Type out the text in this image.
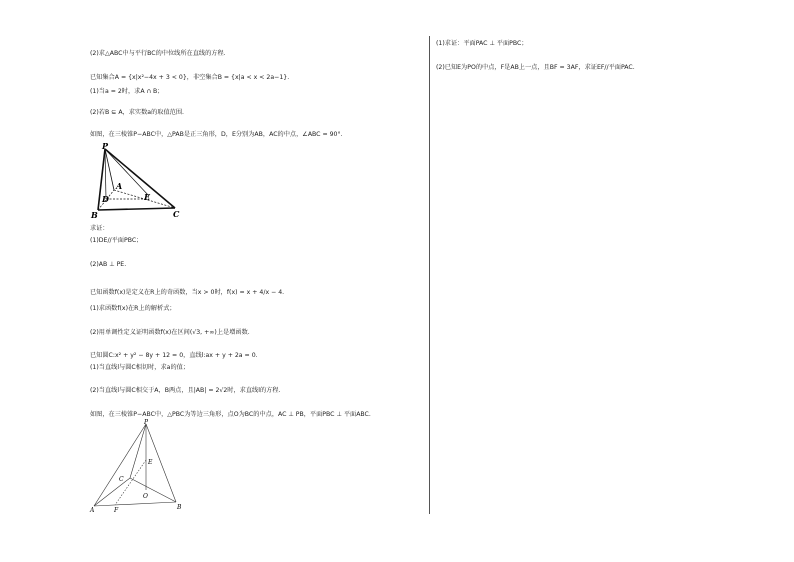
(2)求△ABC中与平行BC的中位线所在直线的方程.
已知集合A = {x|x²−4x + 3 < 0}，非空集合B = {x|a < x < 2a−1}.
(1)当a = 2时，求A ∩ B；
(2)若B ⊆ A，求实数a的取值范围.
如图，在三棱锥P−ABC中，△PAB是正三角形，D，E分别为AB，AC的中点，∠ABC = 90°.
P
A
D	E
B	C
求证：
(1)DE//平面PBC；
(2)AB ⊥ PE.
已知函数f(x)是定义在R上的奇函数，当x > 0时，f(x) = x + 4/x − 4.
(1)求函数f(x)在R上的解析式；
(2)用单调性定义证明函数f(x)在区间(√3, +∞)上是增函数.
已知圆C:x² + y² − 8y + 12 = 0，直线l:ax + y + 2a = 0.
(1)当直线l与圆C相切时，求a的值；
(2)当直线l与圆C相交于A，B两点，且|AB| = 2√2时，求直线l的方程.
如图，在三棱锥P−ABC中，△PBC为等边三角形，点O为BC的中点，AC ⊥ PB，平面PBC ⊥ 平面ABC.
P
E
C
O
A	F	B
(1)求证：平面PAC ⊥ 平面PBC；
(2)已知E为PO的中点，F是AB上一点，且BF = 3AF，求证EF//平面PAC.
